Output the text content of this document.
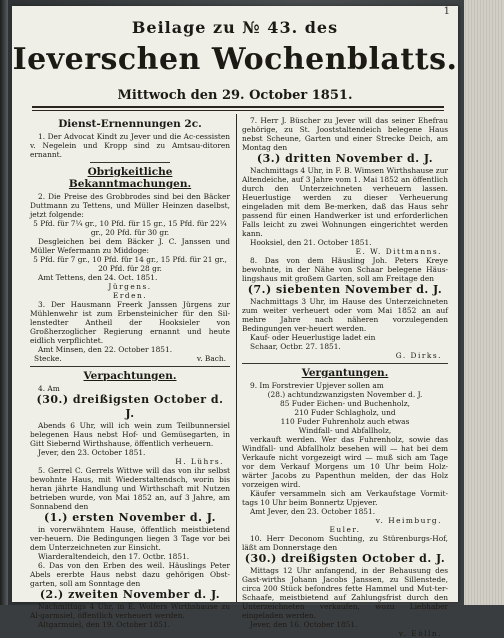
1
Beilage zu № 43. des
Ieverschen Wochenblatts.
Mittwoch den 29. October 1851.
Dienst-Ernennungen 2c.
1. Der Advocat Kindt zu Jever und die Ac-cessisten v. Negelein und Kropp sind zu Amtsau-ditoren ernannt.
Obrigkeitliche Bekanntmachungen.
2. Die Preise des Grobbrodes sind bei den Bäcker Duttmann zu Tettens, und Müller Heinzen daselbst, jetzt folgende:
5 Pfd. für 7¼ gr., 10 Pfd. für 15 gr., 15 Pfd. für 22¼ gr., 20 Pfd. für 30 gr.
Desgleichen bei dem Bäcker J. C. Janssen und Müller Wefermann zu Middoge:
5 Pfd. für 7 gr., 10 Pfd. für 14 gr., 15 Pfd. für 21 gr., 20 Pfd. für 28 gr.
Amt Tettens, den 24. Oct. 1851.
Jürgens.
Erden.
3. Der Hausmann Freerk Janssen Jürgens zur Mühlenwehr ist zum Erbensteinicher für den Sil-lenstedter Antheil der Hooksieler von Großherzoglicher Regierung ernannt und heute eidlich verpflichtet.
Amt Minsen, den 22. October 1851.
Stecke.	v. Bach.
Verpachtungen.
4. Am
(30.) dreißigsten October d. J.
Abends 6 Uhr, will ich wein zum Teilbunnersiel belegenen Haus nebst Hof- und Gemüsegarten, in Gitt Siebernd Wirthshause, öffentlich verheuern.
Jever, den 23. October 1851.
H. Lührs.
5. Gerrel C. Gerrels Wittwe will das von ihr selbst bewohnte Haus, mit Wiederstaltendsch, worin bis heran jährte Handlung und Wirthschaft mit Nutzen betrieben wurde, von Mai 1852 an, auf 3 Jahre, am Sonnabend den
(1.) ersten November d. J.
in vorerwähntem Hause, öffentlich meistbietend ver-heuern. Die Bedingungen liegen 3 Tage vor bei dem Unterzeichneten zur Einsicht.
Wiarderaltendeich, den 17. Octbr. 1851.
6. Das von den Erben des weil. Häuslings Peter Abels ererbte Haus nebst dazu gehörigen Obst-garten, soll am Sonntage den
(2.) zweiten November d. J.
Nachmittags 4 Uhr, in E. Wolfers Wirthshause zu Al-garmsiel, öffentlich verheuert werden.
Altgarmsiel, den 19. October 1851.
7. Herr J. Büscher zu Jever will das seiner Ehefrau gehörige, zu St. Jooststaltendeich belegene Haus nebst Scheune, Garten und einer Strecke Deich, am Montag den
(3.) dritten November d. J.
Nachmittags 4 Uhr, in F. B. Wimsen Wirthshause zur Altendeiche, auf 3 Jahre vom 1. Mai 1852 an öffentlich durch den Unterzeichneten verheuern lassen. Heuerlustige werden zu dieser Verheuerung eingeladen mit dem Be-merken, daß das Haus sehr passend für einen Handwerker ist und erforderlichen Falls leicht zu zwei Wohnungen eingerichtet werden kann.
Hooksiel, den 21. October 1851.
E. W. Dittmanns.
8. Das von dem Häusling Joh. Peters Kreye bewohnte, in der Nähe von Schaar belegene Häus-lingshaus mit großem Garten, soll am Freitage den
(7.) siebenten November d. J.
Nachmittags 3 Uhr, im Hause des Unterzeichneten zum weiter verheuert oder vom Mai 1852 an auf mehre Jahre nach näheren vorzulegenden Bedingungen ver-heuert werden.
Kauf- oder Heuerlustige ladet ein
Schaar, Octbr. 27. 1851.
G. Dirks.
Vergantungen.
9. Im Forstrevier Upjever sollen am
(28.) achtundzwanzigsten November d. J.
85 Fuder Eichen- und Buchenholz,
210 Fuder Schlagholz, und
110 Fuder Fuhrenholz auch etwas
Windfall- und Abfallholz,
verkauft werden. Wer das Fuhrenholz, sowie das Windfall- und Abfallholz besehen will — hat bei dem Verkaufe nicht vorgezeigt wird — muß sich am Tage vor dem Verkauf Morgens um 10 Uhr beim Holz-wärter Jacobs zu Papenthun melden, der das Holz vorzeigen wird.
Käufer versammeln sich am Verkaufstage Vormit-tags 10 Uhr beim Bonnertz Upjever.
Amt Jever, den 23. October 1851.
v. Heimburg.
Euler.
10. Herr Deconom Suchting, zu Stürenburgs-Hof, läßt am Donnerstage den
(30.) dreißigsten October d. J.
Mittags 12 Uhr anfangend, in der Behausung des Gast-wirths Johann Jacobs Janssen, zu Sillenstede, circa 200 Stück befondres fette Hammel und Mut-ter-Schaafe, meistbietend auf Zahlungsfrist durch den Unterzeichneten verkaufen, wozu Liebhaber eingeladen werden.
Jever, den 16. October 1851.
v. Eölln.
